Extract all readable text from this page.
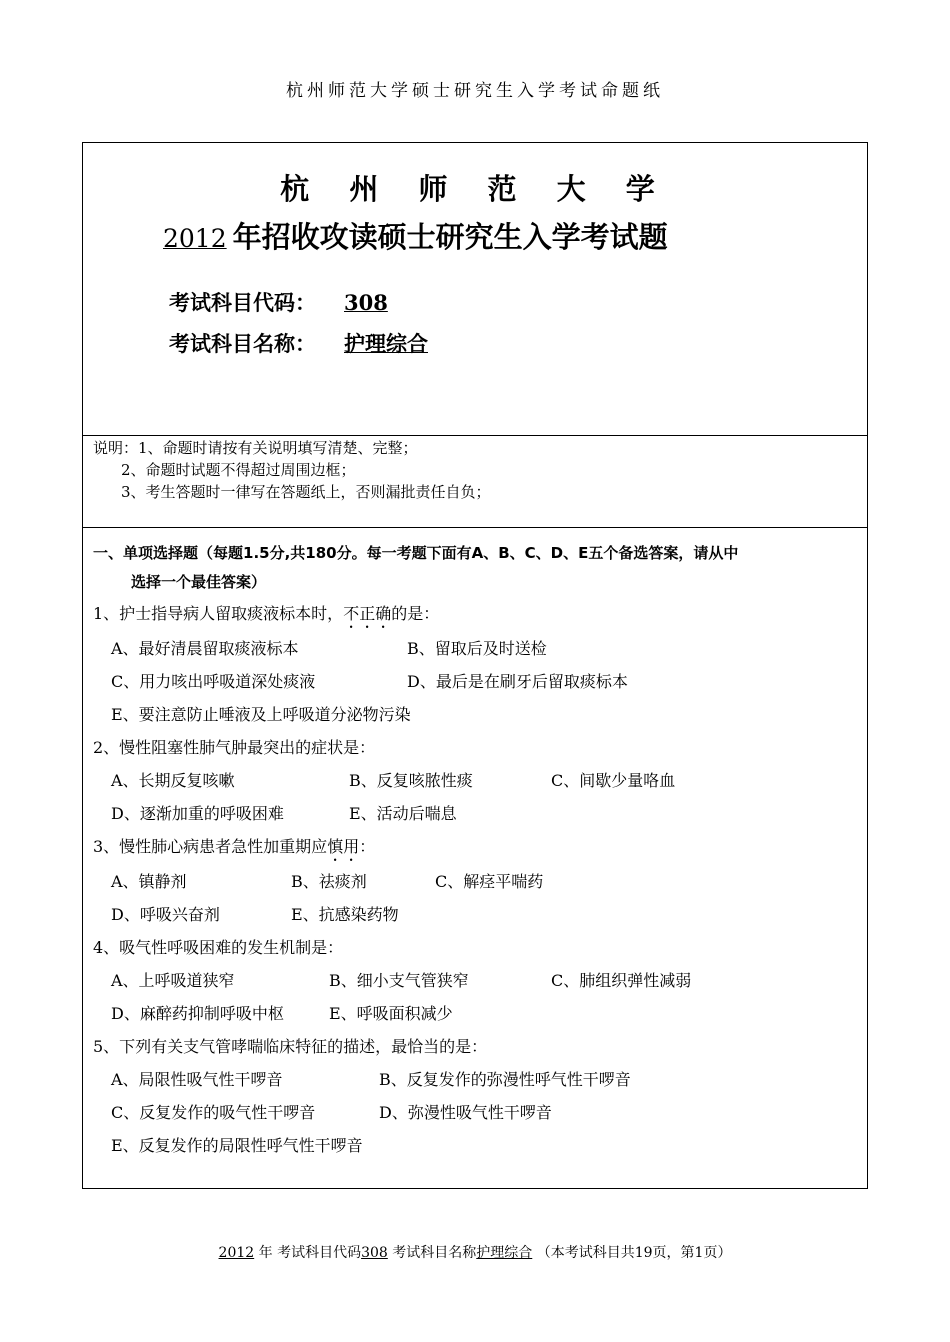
杭州师范大学硕士研究生入学考试命题纸
杭 州 师 范 大 学
2012 年招收攻读硕士研究生入学考试题
考试科目代码： 308
考试科目名称： 护理综合
说明：1、命题时请按有关说明填写清楚、完整；
2、命题时试题不得超过周围边框；
3、考生答题时一律写在答题纸上，否则漏批责任自负；
一、单项选择题（每题1.5分,共180分。每一考题下面有A、B、C、D、E五个备选答案，请从中
选择一个最佳答案）
1、护士指导病人留取痰液标本时，不正确的是：
A、最好清晨留取痰液标本	B、留取后及时送检
C、用力咳出呼吸道深处痰液	D、最后是在刷牙后留取痰标本
E、要注意防止唾液及上呼吸道分泌物污染
2、慢性阻塞性肺气肿最突出的症状是：
A、长期反复咳嗽	B、反复咳脓性痰	C、间歇少量咯血
D、逐渐加重的呼吸困难	E、活动后喘息
3、慢性肺心病患者急性加重期应慎用：
A、镇静剂	B、祛痰剂	C、解痉平喘药
D、呼吸兴奋剂	E、抗感染药物
4、吸气性呼吸困难的发生机制是：
A、上呼吸道狭窄	B、细小支气管狭窄	C、肺组织弹性减弱
D、麻醉药抑制呼吸中枢	E、呼吸面积减少
5、下列有关支气管哮喘临床特征的描述，最恰当的是：
A、局限性吸气性干啰音	B、反复发作的弥漫性呼气性干啰音
C、反复发作的吸气性干啰音	D、弥漫性吸气性干啰音
E、反复发作的局限性呼气性干啰音
2012 年 考试科目代码308 考试科目名称护理综合 （本考试科目共19页，第1页）
